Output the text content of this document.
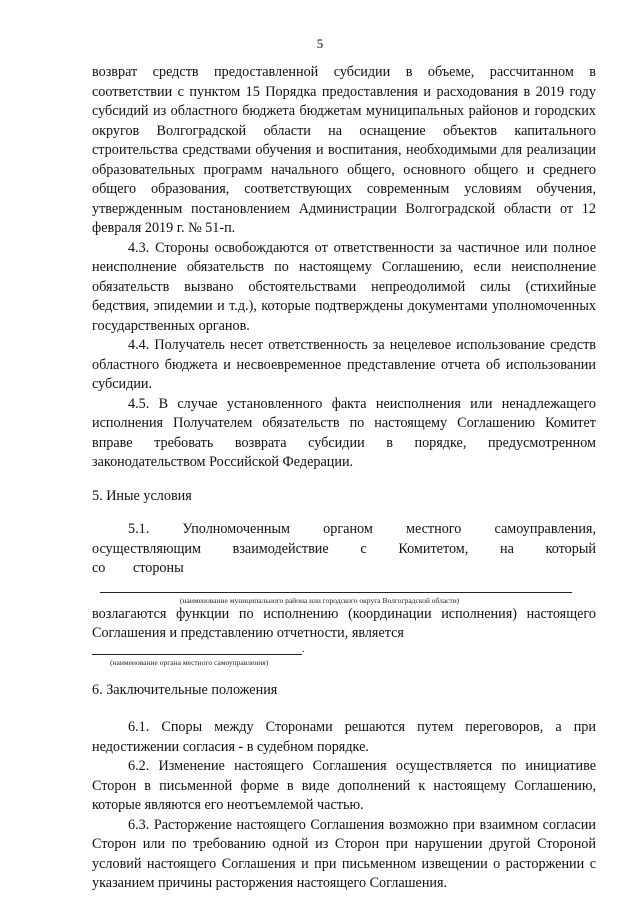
5

возврат средств предоставленной субсидии в объеме, рассчитанном в соответствии с пунктом 15 Порядка предоставления и расходования в 2019 году субсидий из областного бюджета бюджетам муниципальных районов и городских округов Волгоградской области на оснащение объектов капитального строительства средствами обучения и воспитания, необходимыми для реализации образовательных программ начального общего, основного общего и среднего общего образования, соответствующих современным условиям обучения, утвержденным постановлением Администрации Волгоградской области от 12 февраля 2019 г. № 51-п.

4.3. Стороны освобождаются от ответственности за частичное или полное неисполнение обязательств по настоящему Соглашению, если неисполнение обязательств вызвано обстоятельствами непреодолимой силы (стихийные бедствия, эпидемии и т.д.), которые подтверждены документами уполномоченных государственных органов.

4.4. Получатель несет ответственность за нецелевое использование средств областного бюджета и несвоевременное представление отчета об использовании субсидии.

4.5. В случае установленного факта неисполнения или ненадлежащего исполнения Получателем обязательств по настоящему Соглашению Комитет вправе требовать возврата субсидии в порядке, предусмотренном законодательством Российской Федерации.

5. Иные условия

5.1. Уполномоченным органом местного самоуправления, осуществляющим взаимодействие с Комитетом, на который со стороны

(наименование муниципального района или городского округа Волгоградской области)

возлагаются функции по исполнению (координации исполнения) настоящего Соглашения и представлению отчетности, является

.
(наименование органа местного самоуправления)

6. Заключительные положения

6.1. Споры между Сторонами решаются путем переговоров, а при недостижении согласия - в судебном порядке.

6.2. Изменение настоящего Соглашения осуществляется по инициативе Сторон в письменной форме в виде дополнений к настоящему Соглашению, которые являются его неотъемлемой частью.

6.3. Расторжение настоящего Соглашения возможно при взаимном согласии Сторон или по требованию одной из Сторон при нарушении другой Стороной условий настоящего Соглашения и при письменном извещении о расторжении с указанием причины расторжения настоящего Соглашения.
